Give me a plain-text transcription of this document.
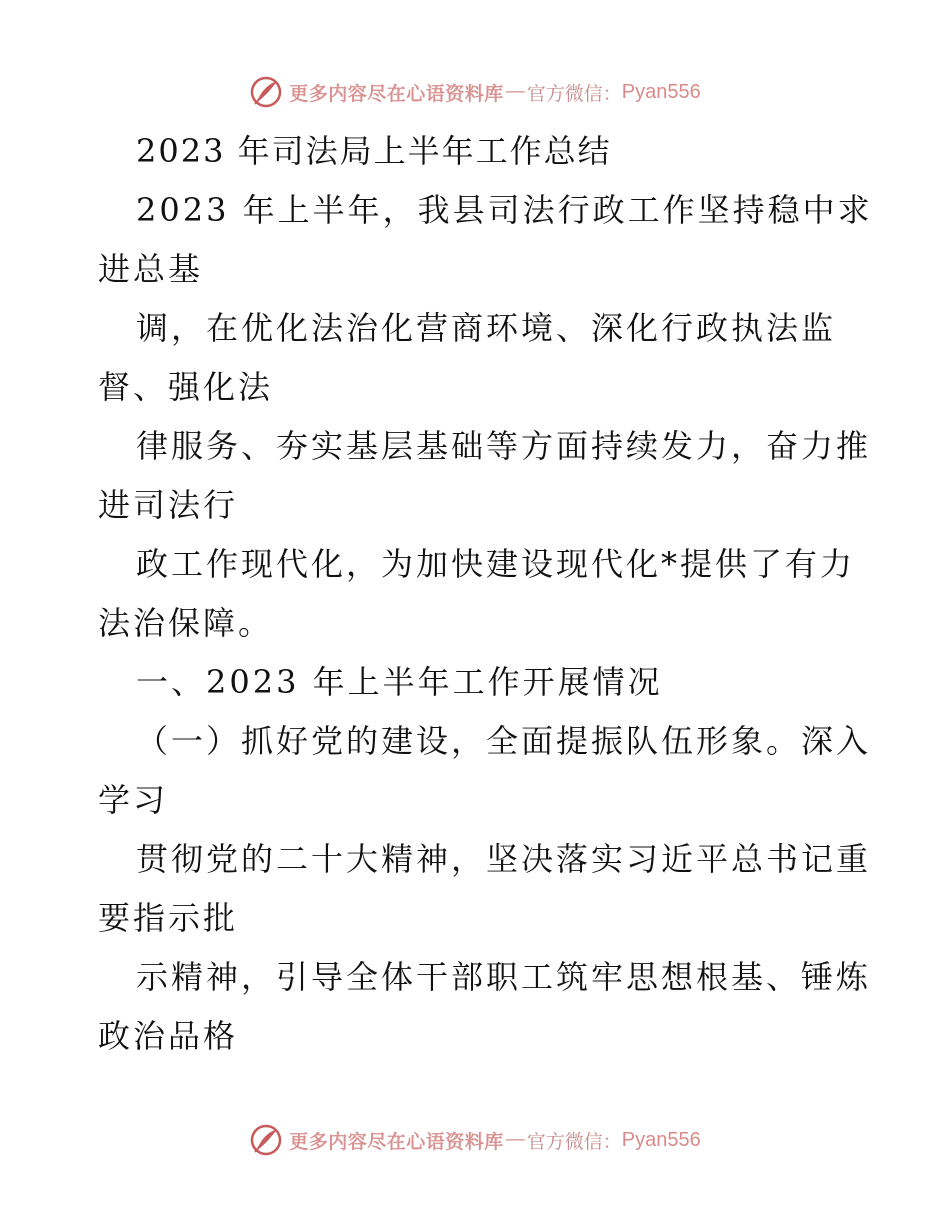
更多内容尽在心语资料库 — 官方微信： Pyan556

2023 年司法局上半年工作总结

2023 年上半年，我县司法行政工作坚持稳中求
进总基
调，在优化法治化营商环境、深化行政执法监
督、强化法
律服务、夯实基层基础等方面持续发力，奋力推
进司法行
政工作现代化，为加快建设现代化*提供了有力
法治保障。

一、2023 年上半年工作开展情况

（一）抓好党的建设，全面提振队伍形象。深入
学习
贯彻党的二十大精神，坚决落实习近平总书记重
要指示批
示精神，引导全体干部职工筑牢思想根基、锤炼
政治品格

更多内容尽在心语资料库 — 官方微信： Pyan556
